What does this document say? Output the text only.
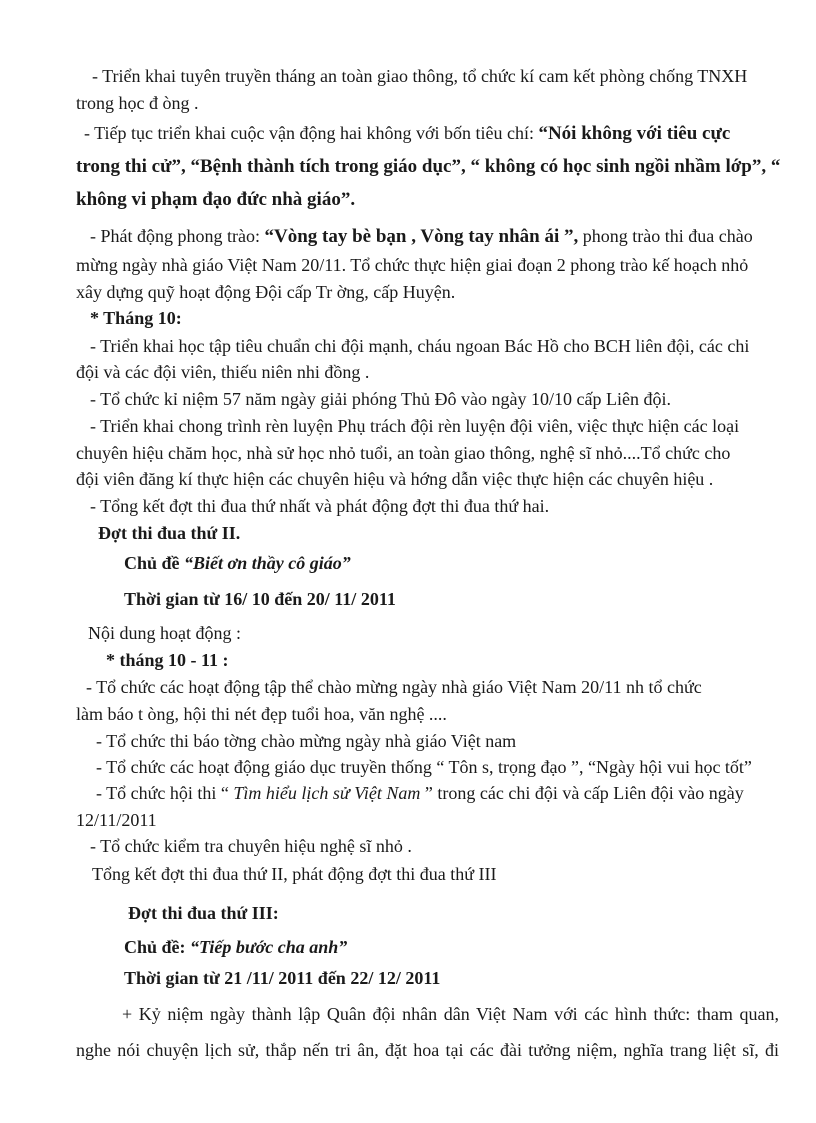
- Triển khai tuyên truyền tháng an toàn giao thông, tổ chức kí cam kết phòng chống TNXH
trong học đ òng .
- Tiếp tục triển khai cuộc vận động hai không với bốn tiêu chí: “Nói không với tiêu cực
trong thi cử”, “Bệnh thành tích trong giáo dục”, “ không có học sinh ngồi nhầm lớp”, “
không vi phạm đạo đức nhà giáo”.
- Phát động phong trào: “Vòng tay bè bạn , Vòng tay nhân ái ”, phong trào thi đua chào
mừng ngày nhà giáo Việt Nam 20/11. Tổ chức thực hiện giai đoạn 2 phong trào kế hoạch nhỏ
xây dựng quỹ hoạt động Đội cấp Tr ờng, cấp Huyện.
* Tháng 10:
- Triển khai học tập tiêu chuẩn chi đội mạnh, cháu ngoan Bác Hồ cho BCH liên đội, các chi
đội và các đội viên, thiếu niên nhi đồng .
- Tổ chức kỉ niệm 57 năm ngày giải phóng Thủ Đô vào ngày 10/10 cấp Liên đội.
- Triển khai chong trình rèn luyện Phụ trách đội rèn luyện đội viên, việc thực hiện các loại
chuyên hiệu chăm học, nhà sử học nhỏ tuổi, an toàn giao thông, nghệ sĩ nhỏ....Tổ chức cho
đội viên đăng kí thực hiện các chuyên hiệu và hớng dẫn việc thực hiện các chuyên hiệu .
- Tổng kết đợt thi đua thứ nhất và phát động đợt thi đua thứ hai.
Đợt thi đua thứ II.
Chủ đề “Biết ơn thầy cô giáo”
Thời gian từ 16/ 10 đến 20/ 11/ 2011
Nội dung hoạt động :
* tháng 10 - 11 :
- Tổ chức các hoạt động tập thể chào mừng ngày nhà giáo Việt Nam 20/11 nh tổ chức
làm báo t òng, hội thi nét đẹp tuổi hoa, văn nghệ ....
- Tổ chức thi báo tờng chào mừng ngày nhà giáo Việt nam
- Tổ chức các hoạt động giáo dục truyền thống “ Tôn s, trọng đạo ”, “Ngày hội vui học tốt”
- Tổ chức hội thi “ Tìm hiểu lịch sử Việt Nam ” trong các chi đội và cấp Liên đội vào ngày
12/11/2011
- Tổ chức kiểm tra chuyên hiệu nghệ sĩ nhỏ .
Tổng kết đợt thi đua thứ II, phát động đợt thi đua thứ III
Đợt thi đua thứ III:
Chủ đề: “Tiếp bước cha anh”
Thời gian từ 21 /11/ 2011 đến 22/ 12/ 2011
+ Kỷ niệm ngày thành lập Quân đội nhân dân Việt Nam với các hình thức: tham quan,
nghe nói chuyện lịch sử, thắp nến tri ân, đặt hoa tại các đài tưởng niệm, nghĩa trang liệt sĩ, đi
